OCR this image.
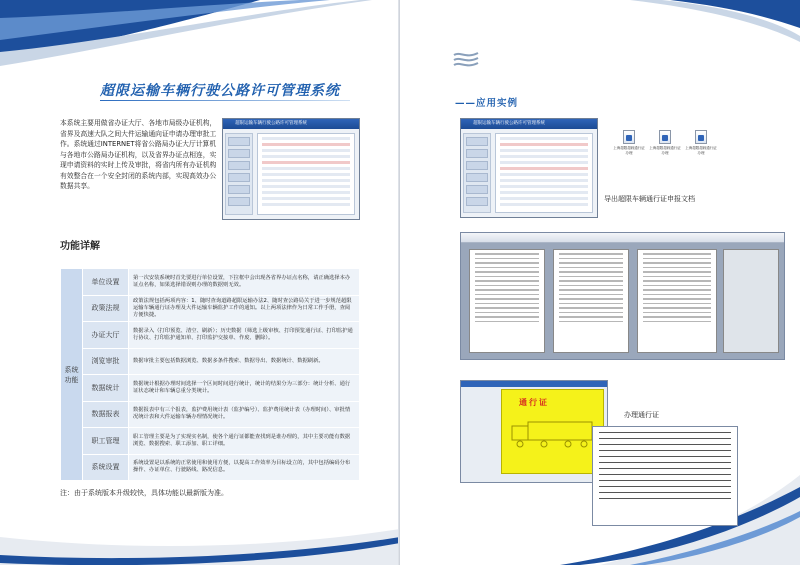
超限运输车辆行驶公路许可管理系统
本系统主要用做省办证大厅、各地市局级办证机构，省界及高速大队之间大件运输通向证申请办理审批工作。系统通过INTERNET将省公路局办证大厅计算机与各地市公路局办证机构，以及省界办证点相连，实现申请资料的实时上传及审批，将省内所有办证机构有效整合在一个安全封闭的系统内部，实现高效办公数据共享。
超限运输车辆行驶公路许可管理系统
功能详解
系统
功能	单位设置	第一次安装系统时首先要进行单位设置，下拉框中会出现各省界办证点名称，请正确选择本办证点名称，如果选择错误则办理的数据则无效。
	政策法规	政策法规包括两项内容：1、随时查询道路超限运输办法2、随时查公路局关于进一步规范超限运输车辆通行证办理及大件运输车辆监护工作的通知。以上两项法律作为日常工作手册，查阅方便快捷。
	办证大厅	数据录入（打印预览、清空、刷新）；历史数据（筛选上级审核、打印预览通行证、打印监护通行协议、打印监护通知单、打印监护交接单、作废、删除）。
	浏览审批	数据审批主要包括数据浏览、数据多条件搜索、数据导出、数据统计、数据刷新。
	数据统计	数据统计根据办理时间选择一个区间时间进行统计，统计的结果分为三部分：统计分析、通行证状态统计和车辆总重分类统计。
	数据报表	数据报表中有三个报表，监护费用统计表（监护编号）、监护费用统计表（办理时间）、审批情况统计表和大件运输车辆办理情况统计。
	职工管理	职工管理主要是为了实现实名制，使各个通行证都能查找到是谁办理的，其中主要功能有数据浏览、数据搜索、职工添加、职工详细。
	系统设置	系统设置是以系统的正常使用和使用方便，以提高工作效率为目标设立的，其中包括编码分布操作、办证单位、行驶路线、路况信息。
注：由于系统版本升级较快，具体功能以最新版为准。
——应用实例
超限运输车辆行驶公路许可管理系统
上海超限超载通行证办理
上海超限超载通行证办理
上海超限超载通行证办理
导出超限车辆通行证申报文档
通行证
办理通行证
